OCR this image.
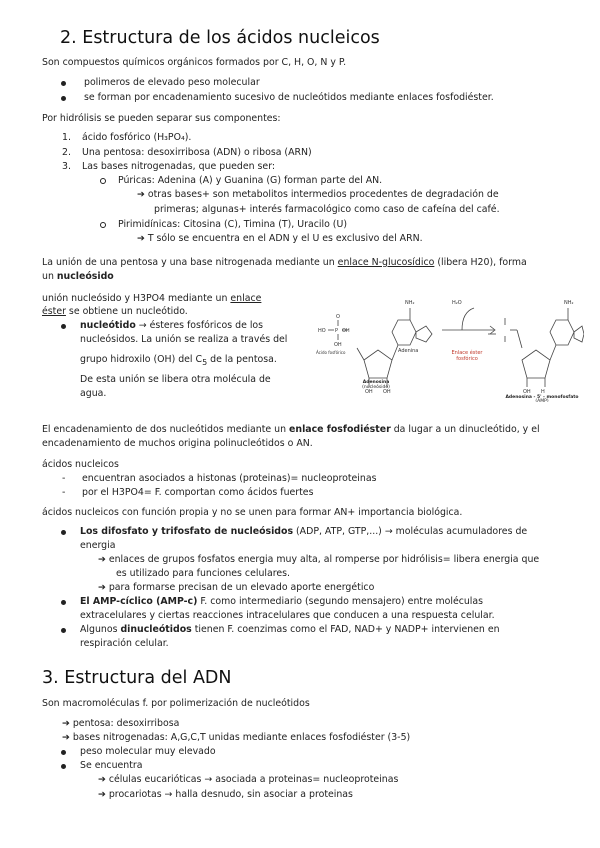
2. Estructura de los ácidos nucleicos
Son compuestos químicos orgánicos formados por C, H, O, N y P.
polimeros de elevado peso molecular
se forman por encadenamiento sucesivo de nucleótidos mediante enlaces fosfodiéster.
Por hidrólisis se pueden separar sus componentes:
1. ácido fosfórico (H₃PO₄).
2. Una pentosa: desoxirribosa (ADN) o ribosa (ARN)
3. Las bases nitrogenadas, que pueden ser:
Púricas: Adenina (A) y Guanina (G) forman parte del AN.
➔ otras bases+ son metabolitos intermedios procedentes de degradación de
primeras; algunas+ interés farmacológico como caso de cafeína del café.
Pirimidínicas: Citosina (C), Timina (T), Uracilo (U)
➔ T sólo se encuentra en el ADN y el U es exclusivo del ARN.
La unión de una pentosa y una base nitrogenada mediante un enlace N-glucosídico (libera H20), forma
un nucleósido
unión nucleósido y H3PO4 mediante un enlace
éster se obtiene un nucleótido.
nucleótido → ésteres fosfóricos de los
nucleósidos. La unión se realiza a través del
grupo hidroxilo (OH) del $C_5$ de la pentosa.
De esta unión se libera otra molécula de
agua.
O
HO P OH
OH
NH₂	H₂O	NH₂
OH OH	OH H
Adenina
Ácido fosfórico	Enlace éster
fosfórico
Adenosina
(nucleósido)
Adenosina - 5' - monofosfato
(AMP)
El encadenamiento de dos nucleótidos mediante un enlace fosfodiéster da lugar a un dinucleótido, y el
encadenamiento de muchos origina polinucleótidos o AN.
ácidos nucleicos
- encuentran asociados a histonas (proteinas)= nucleoproteinas
- por el H3PO4= F. comportan como ácidos fuertes
ácidos nucleicos con función propia y no se unen para formar AN+ importancia biológica.
Los difosfato y trifosfato de nucleósidos (ADP, ATP, GTP,...) → moléculas acumuladores de
energia
➔ enlaces de grupos fosfatos energia muy alta, al romperse por hidrólisis= libera energia que
es utilizado para funciones celulares.
➔ para formarse precisan de un elevado aporte energético
El AMP-cíclico (AMP-c) F. como intermediario (segundo mensajero) entre moléculas
extracelulares y ciertas reacciones intracelulares que conducen a una respuesta celular.
Algunos dinucleótidos tienen F. coenzimas como el FAD, NAD+ y NADP+ intervienen en
respiración celular.
3. Estructura del ADN
Son macromoléculas f. por polimerización de nucleótidos
➔ pentosa: desoxirribosa
➔ bases nitrogenadas: A,G,C,T unidas mediante enlaces fosfodiéster (3-5)
peso molecular muy elevado
Se encuentra
➔ células eucarióticas → asociada a proteinas= nucleoproteinas
➔ procariotas → halla desnudo, sin asociar a proteinas
